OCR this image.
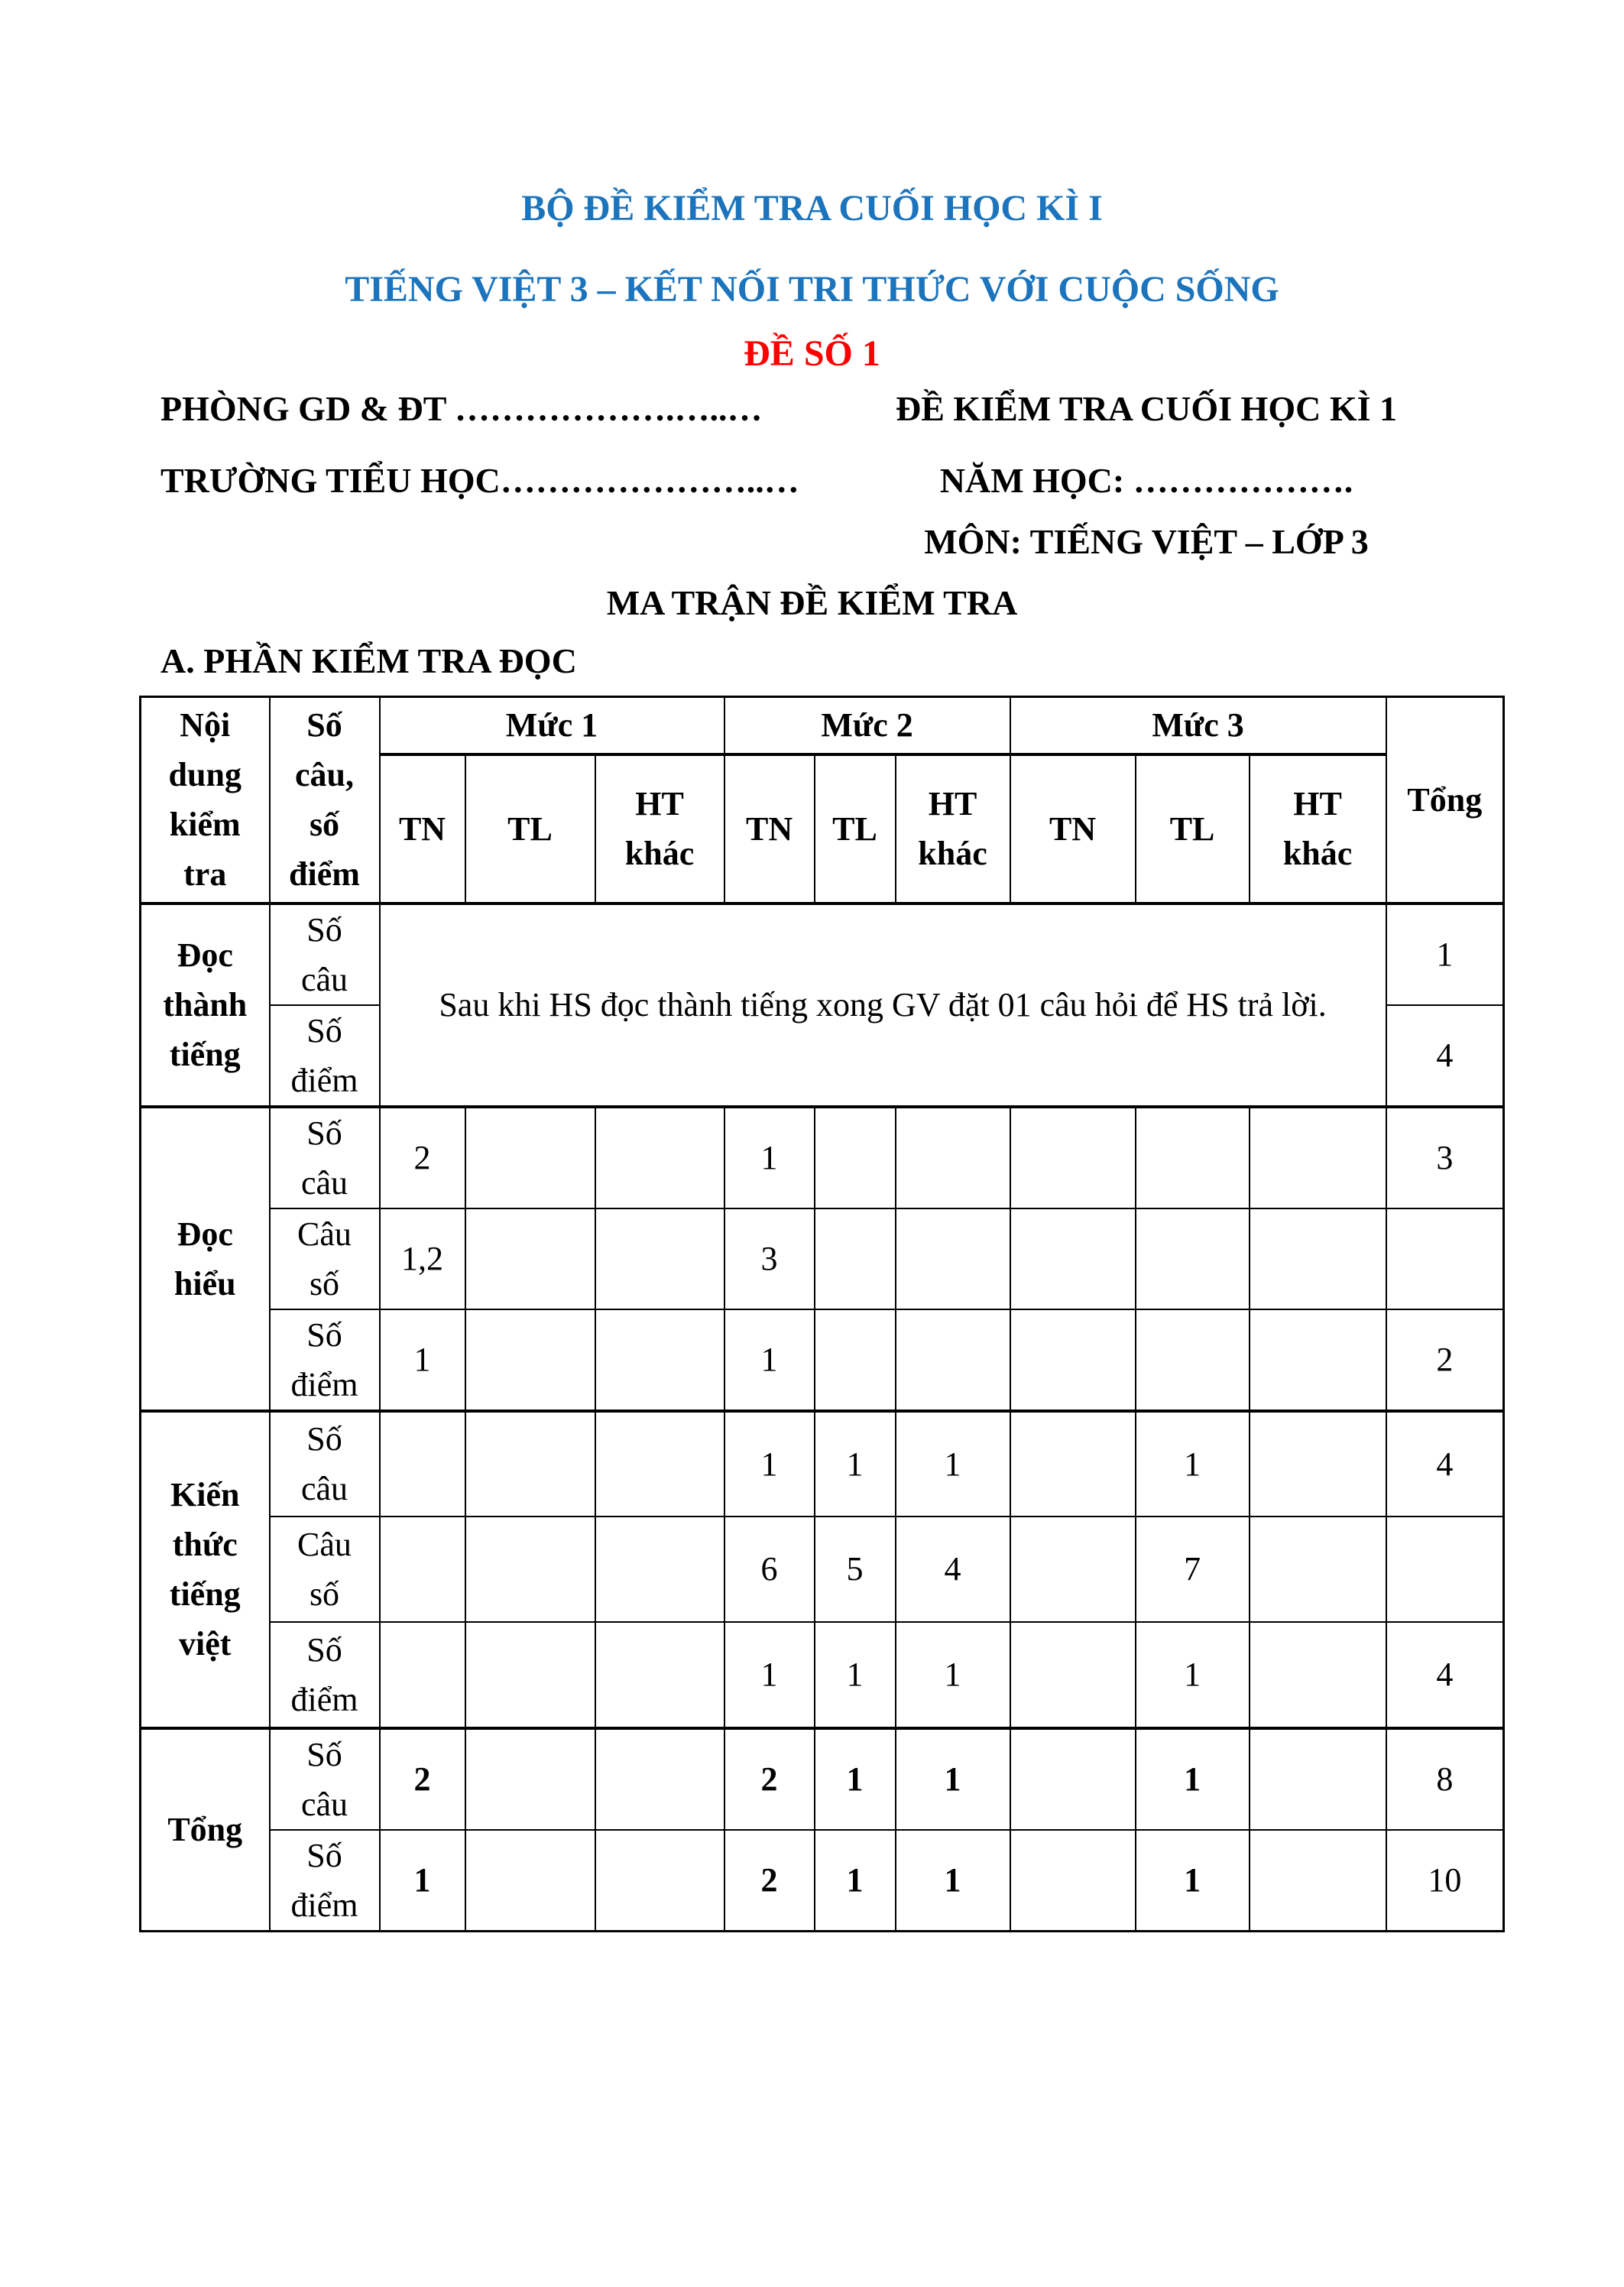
BỘ ĐỀ KIỂM TRA CUỐI HỌC KÌ I
TIẾNG VIỆT 3 – KẾT NỐI TRI THỨC VỚI CUỘC SỐNG
ĐỀ SỐ 1
PHÒNG GD & ĐT ……………….…..…	ĐỀ KIỂM TRA CUỐI HỌC KÌ 1
TRƯỜNG TIỂU HỌC…………………..…	NĂM HỌC: ……………….
MÔN: TIẾNG VIỆT – LỚP 3
MA TRẬN ĐỀ KIỂM TRA
A. PHẦN KIỂM TRA ĐỌC
Nội dung kiểm tra	Số câu, số điểm	Mức 1			Mức 2			Mức 3			Tổng
		TN	TL	HT khác	TN	TL	HT khác	TN	TL	HT khác	
Đọc thành tiếng	Số câu	Sau khi HS đọc thành tiếng xong GV đặt 01 câu hỏi để HS trả lời.									1
	Số điểm										4
Đọc hiểu	Số câu	2			1						3
	Câu số	1,2			3						
	Số điểm	1			1						2
Kiến thức tiếng việt	Số câu				1	1	1		1		4
	Câu số				6	5	4		7		
	Số điểm				1	1	1		1		4
Tổng	Số câu	2			2	1	1		1		8
	Số điểm	1			2	1	1		1		10
